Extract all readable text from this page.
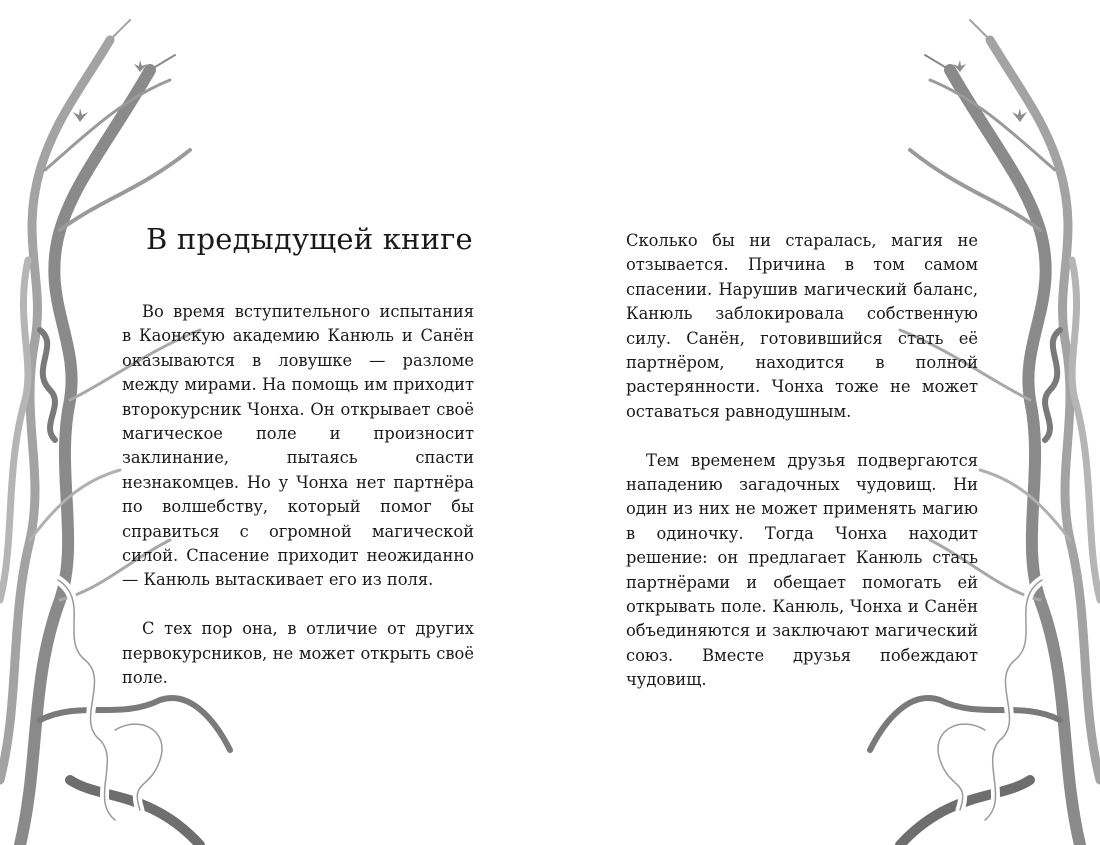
В предыдущей книге

Во время вступительного испытания в Каонскую академию Канюль и Санён оказываются в ловушке — разломе между мирами. На помощь им приходит второкурсник Чонха. Он открывает своё магическое поле и произносит заклинание, пытаясь спасти незнакомцев. Но у Чонха нет партнёра по волшебству, который помог бы справиться с огромной магической силой. Спасение приходит неожиданно — Канюль вытаскивает его из поля.

С тех пор она, в отличие от других первокурсников, не может открыть своё поле.

Сколько бы ни старалась, магия не отзывается. Причина в том самом спасении. Нарушив магический баланс, Канюль заблокировала собственную силу. Санён, готовившийся стать её партнёром, находится в полной растерянности. Чонха тоже не может оставаться равнодушным.

Тем временем друзья подвергаются нападению загадочных чудовищ. Ни один из них не может применять магию в одиночку. Тогда Чонха находит решение: он предлагает Канюль стать партнёрами и обещает помогать ей открывать поле. Канюль, Чонха и Санён объединяются и заключают магический союз. Вместе друзья побеждают чудовищ.
